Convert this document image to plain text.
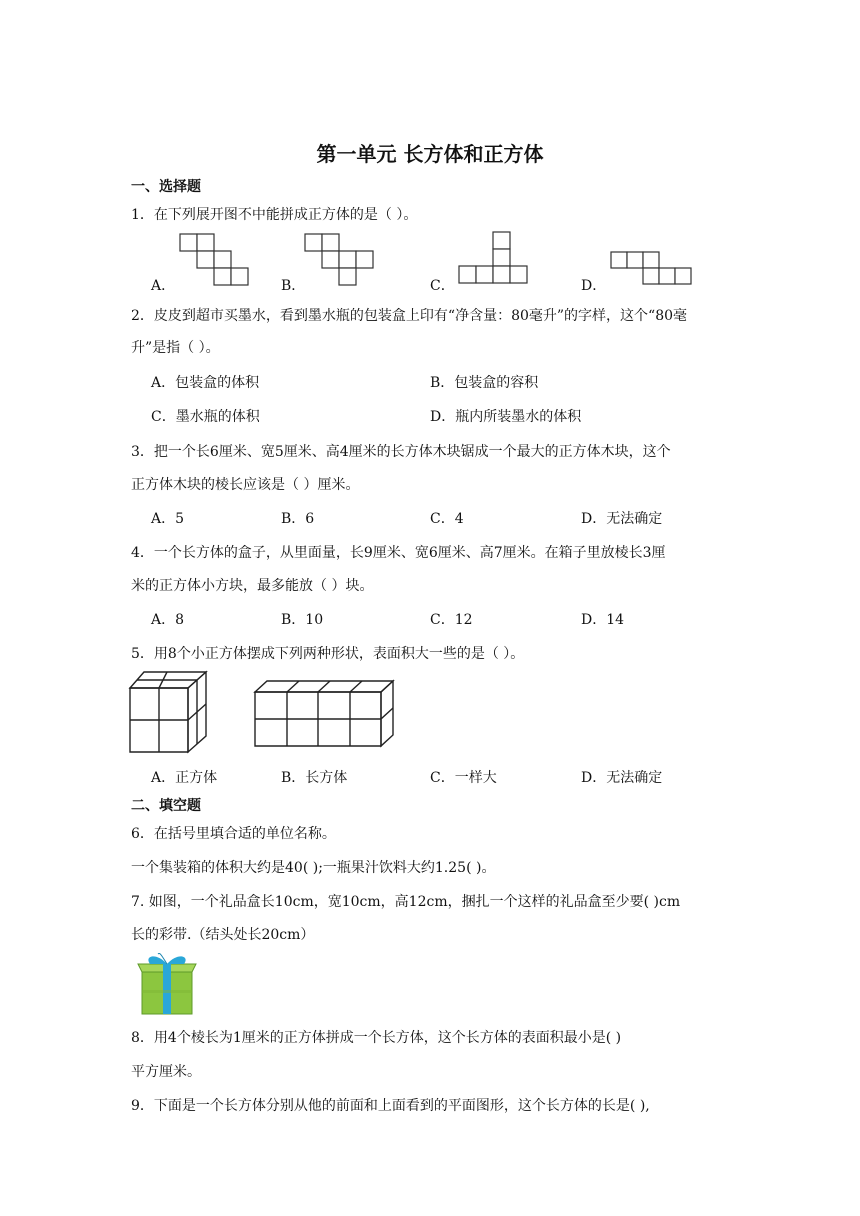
第一单元 长方体和正方体
一、选择题
1．在下列展开图不中能拼成正方体的是（ ）。
A．	B．	C．	D．
2．皮皮到超市买墨水，看到墨水瓶的包装盒上印有“净含量：80毫升”的字样，这个“80毫
升”是指（ ）。
A．包装盒的体积	B．包装盒的容积
C．墨水瓶的体积	D．瓶内所装墨水的体积
3．把一个长6厘米、宽5厘米、高4厘米的长方体木块锯成一个最大的正方体木块，这个
正方体木块的棱长应该是（ ）厘米。
A．5	B．6	C．4	D．无法确定
4．一个长方体的盒子，从里面量，长9厘米、宽6厘米、高7厘米。在箱子里放棱长3厘
米的正方体小方块，最多能放（ ）块。
A．8	B．10	C．12	D．14
5．用8个小正方体摆成下列两种形状，表面积大一些的是（ ）。
A．正方体	B．长方体	C．一样大	D．无法确定
二、填空题
6．在括号里填合适的单位名称。
一个集装箱的体积大约是40( );一瓶果汁饮料大约1.25( )。
7. 如图，一个礼品盒长10cm，宽10cm，高12cm，捆扎一个这样的礼品盒至少要( )cm
长的彩带.（结头处长20cm）
8．用4个棱长为1厘米的正方体拼成一个长方体，这个长方体的表面积最小是( )
平方厘米。
9．下面是一个长方体分别从他的前面和上面看到的平面图形，这个长方体的长是( ),
